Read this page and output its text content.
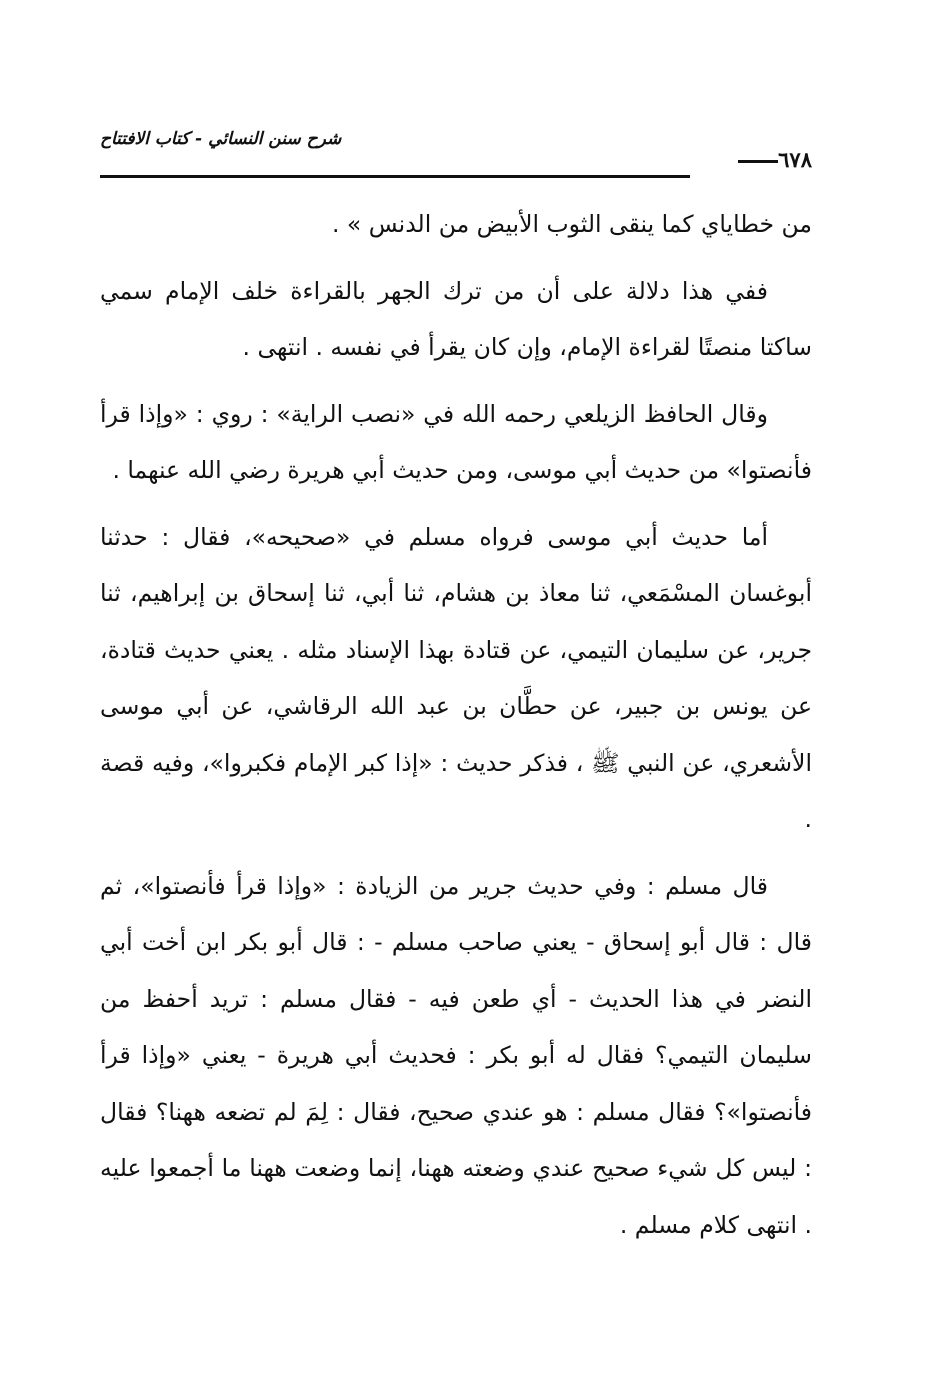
شرح سنن النسائي - كتاب الافتتاح
٦٧٨

من خطاياي كما ينقى الثوب الأبيض من الدنس » .

ففي هذا دلالة على أن من ترك الجهر بالقراءة خلف الإمام سمي ساكتا منصتًا لقراءة الإمام، وإن كان يقرأ في نفسه . انتهى .

وقال الحافظ الزيلعي رحمه الله في «نصب الراية» : روي : «وإذا قرأ فأنصتوا» من حديث أبي موسى، ومن حديث أبي هريرة رضي الله عنهما .

أما حديث أبي موسى فرواه مسلم في «صحيحه»، فقال : حدثنا أبوغسان المسْمَعي، ثنا معاذ بن هشام، ثنا أبي، ثنا إسحاق بن إبراهيم، ثنا جرير، عن سليمان التيمي، عن قتادة بهذا الإسناد مثله . يعني حديث قتادة، عن يونس بن جبير، عن حطَّان بن عبد الله الرقاشي، عن أبي موسى الأشعري، عن النبي ﷺ ، فذكر حديث : «إذا كبر الإمام فكبروا»، وفيه قصة .

قال مسلم : وفي حديث جرير من الزيادة : «وإذا قرأ فأنصتوا»، ثم قال : قال أبو إسحاق - يعني صاحب مسلم - : قال أبو بكر ابن أخت أبي النضر في هذا الحديث - أي طعن فيه - فقال مسلم : تريد أحفظ من سليمان التيمي؟ فقال له أبو بكر : فحديث أبي هريرة - يعني «وإذا قرأ فأنصتوا»؟ فقال مسلم : هو عندي صحيح، فقال : لِمَ لم تضعه ههنا؟ فقال : ليس كل شيء صحيح عندي وضعته ههنا، إنما وضعت ههنا ما أجمعوا عليه . انتهى كلام مسلم .
